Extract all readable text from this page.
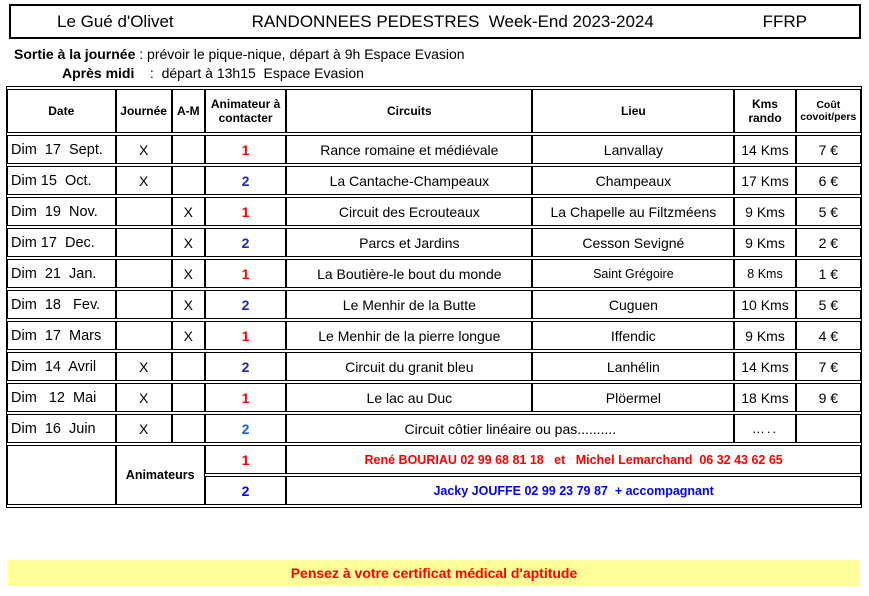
Le Gué d'Olivet	RANDONNEES PEDESTRES  Week-End 2023-2024	FFRP
Sortie à la journée : prévoir le pique-nique, départ à 9h Espace Evasion
Après midi    :  départ à 13h15  Espace Evasion
Date	Journée	A-M	Animateur à contacter	Circuits	Lieu	Kms rando	Coût covoit/pers
Dim  17  Sept.	X		1	Rance romaine et médiévale	Lanvallay	14 Kms	7 €
Dim 15  Oct.	X		2	La Cantache-Champeaux	Champeaux	17 Kms	6 €
Dim  19  Nov.		X	1	Circuit des Ecrouteaux	La Chapelle au Filtzméens	9 Kms	5 €
Dim 17  Dec.		X	2	Parcs et Jardins	Cesson Sevigné	9 Kms	2 €
Dim  21  Jan.		X	1	La Boutière-le bout du monde	Saint Grégoire	8 Kms	1 €
Dim  18   Fev.		X	2	Le Menhir de la Butte	Cuguen	10 Kms	5 €
Dim  17  Mars		X	1	Le Menhir de la pierre longue	Iffendic	9 Kms	4 €
Dim  14  Avril	X		2	Circuit du granit bleu	Lanhélin	14 Kms	7 €
Dim   12  Mai	X		1	Le lac au Duc	Plöermel	18 Kms	9 €
Dim  16  Juin	X		2	Circuit côtier linéaire ou pas..........		…..	
	Animateurs		1	René BOURIAU 02 99 68 81 18   et   Michel Lemarchand  06 32 43 62 65			
			2	Jacky JOUFFE 02 99 23 79 87  + accompagnant			
Pensez à votre certificat médical d'aptitude
